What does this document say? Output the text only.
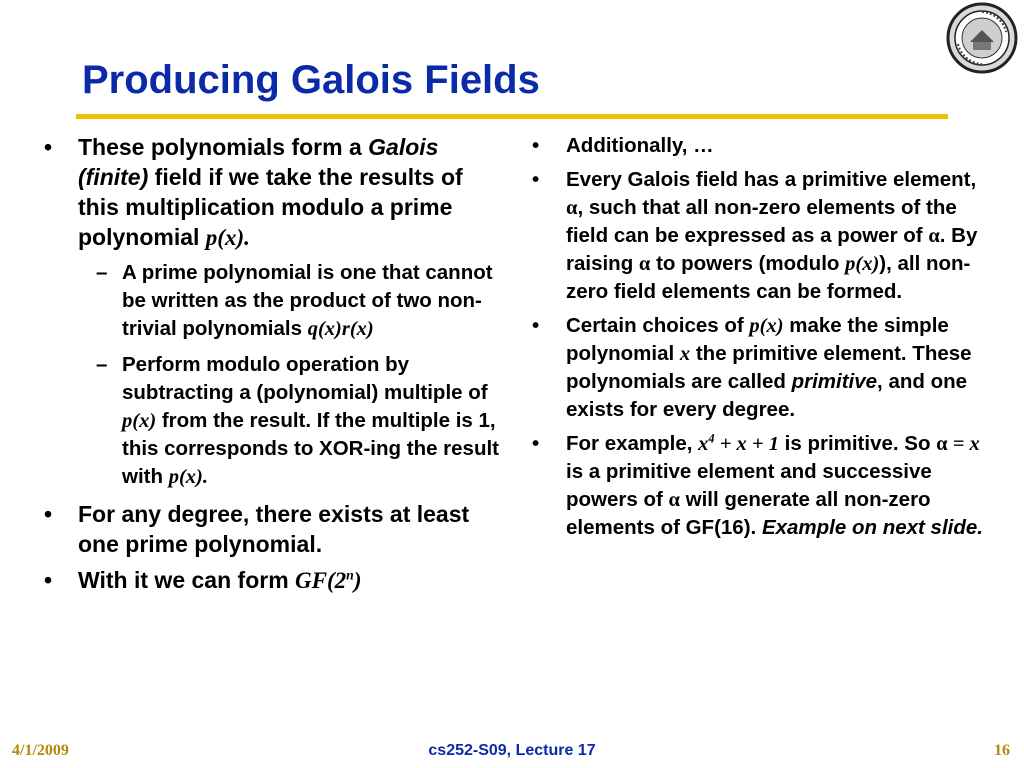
Producing Galois Fields
• These polynomials form a Galois (finite) field if we take the results of this multiplication modulo a prime polynomial p(x).
– A prime polynomial is one that cannot be written as the product of two non-trivial polynomials q(x)r(x)
– Perform modulo operation by subtracting a (polynomial) multiple of p(x) from the result. If the multiple is 1, this corresponds to XOR-ing the result with p(x).
• For any degree, there exists at least one prime polynomial.
• With it we can form GF(2$^n$)
• Additionally, …
• Every Galois field has a primitive element, α, such that all non-zero elements of the field can be expressed as a power of α. By raising α to powers (modulo p(x)), all non-zero field elements can be formed.
• Certain choices of p(x) make the simple polynomial x the primitive element. These polynomials are called primitive, and one exists for every degree.
• For example, $x^4 + x + 1$ is primitive. So α = x is a primitive element and successive powers of α will generate all non-zero elements of GF(16). Example on next slide.
4/1/2009	cs252-S09, Lecture 17	16
